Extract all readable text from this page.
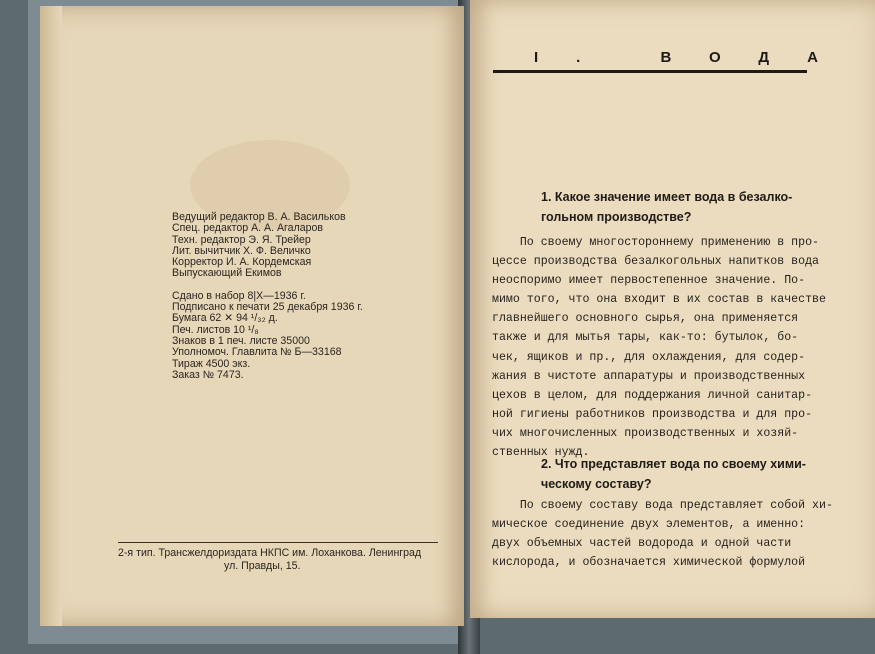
Ведущий редактор В. А. Васильков
Спец. редактор А. А. Агаларов
Техн. редактор Э. Я. Трейер
Лит. вычитчик Х. Ф. Величко
Корректор И. А. Кордемская
Выпускающий Екимов
Сдано в набор 8|X—1936 г.
Подписано к печати 25 декабря 1936 г.
Бумага 62 ✕ 94 ¹/₃₂ д.
Печ. листов 10 ¹/₈
Знаков в 1 печ. листе 35000
Уполномоч. Главлита № Б—33168
Тираж 4500 экз.
Заказ № 7473.
2-я тип. Трансжелдориздата НКПС им. Лоханкова. Ленинград
ул. Правды, 15.
I. ВОДА
1. Какое значение имеет вода в безалко-
гольном производстве?
По своему многостороннему применению в про-
цессе производства безалкогольных напитков вода
неоспоримо имеет первостепенное значение. По-
мимо того, что она входит в их состав в качестве
главнейшего основного сырья, она применяется
также и для мытья тары, как-то: бутылок, бо-
чек, ящиков и пр., для охлаждения, для содер-
жания в чистоте аппаратуры и производственных
цехов в целом, для поддержания личной санитар-
ной гигиены работников производства и для про-
чих многочисленных производственных и хозяй-
ственных нужд.
2. Что представляет вода по своему хими-
ческому составу?
По своему составу вода представляет собой хи-
мическое соединение двух элементов, а именно:
двух объемных частей водорода и одной части
кислорода, и обозначается химической формулой
